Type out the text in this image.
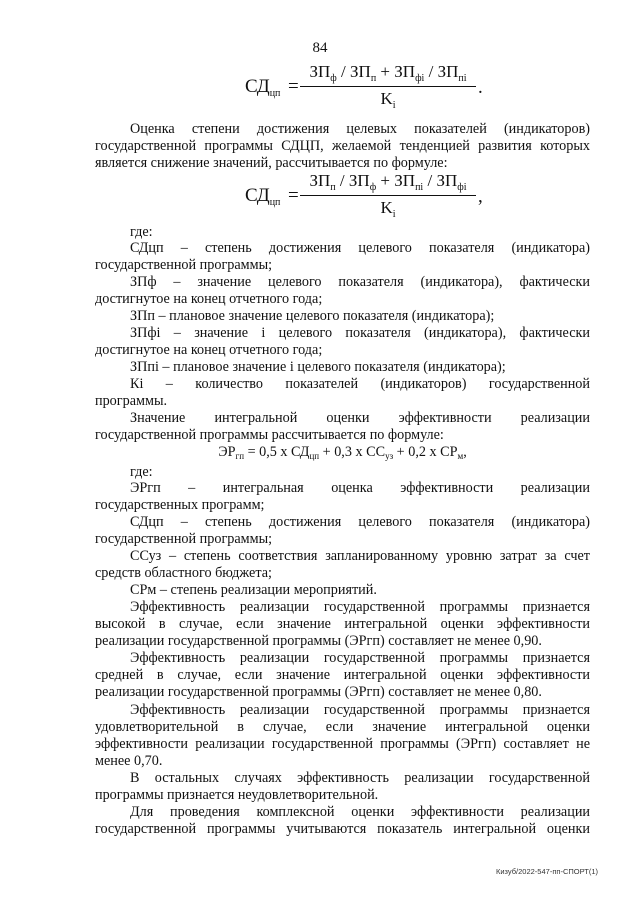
84
$СД_{цп}$ =
$ЗП_ф / ЗП_п + ЗП_{фi} / ЗП_{пi}$
$K_i$
.

Оценка степени достижения целевых показателей (индикаторов)

государственной программы СДЦП, желаемой тенденцией развития которых

является снижение значений, рассчитывается по формуле:

$СД_{цп}$ =
$ЗП_п / ЗП_ф + ЗП_{пi} / ЗП_{фi}$
$K_i$
,

где:

СДцп – степень достижения целевого показателя (индикатора)

государственной программы;

ЗПф – значение целевого показателя (индикатора), фактически

достигнутое на конец отчетного года;

ЗПп – плановое значение целевого показателя (индикатора);

ЗПфi – значение i целевого показателя (индикатора), фактически

достигнутое на конец отчетного года;

ЗПпi – плановое значение i целевого показателя (индикатора);

Кi – количество показателей (индикаторов) государственной

программы.

Значение интегральной оценки эффективности реализации

государственной программы рассчитывается по формуле:

$ЭР_{гп} = 0,5$ х $СД_{цп} + 0,3$ х $СС_{уз} + 0,2$ х $СР_м$,

где:

ЭРгп – интегральная оценка эффективности реализации

государственных программ;

СДцп – степень достижения целевого показателя (индикатора)

государственной программы;

ССуз – степень соответствия запланированному уровню затрат за счет

средств областного бюджета;

СРм – степень реализации мероприятий.

Эффективность реализации государственной программы признается

высокой в случае, если значение интегральной оценки эффективности

реализации государственной программы (ЭРгп) составляет не менее 0,90.

Эффективность реализации государственной программы признается

средней в случае, если значение интегральной оценки эффективности

реализации государственной программы (ЭРгп) составляет не менее 0,80.

Эффективность реализации государственной программы признается

удовлетворительной в случае, если значение интегральной оценки

эффективности реализации государственной программы (ЭРгп) составляет не

менее 0,70.

В остальных случаях эффективность реализации государственной

программы признается неудовлетворительной.

Для проведения комплексной оценки эффективности реализации

государственной программы учитываются показатель интегральной оценки

Кизуб/2022-547-пп-СПОРТ(1)
